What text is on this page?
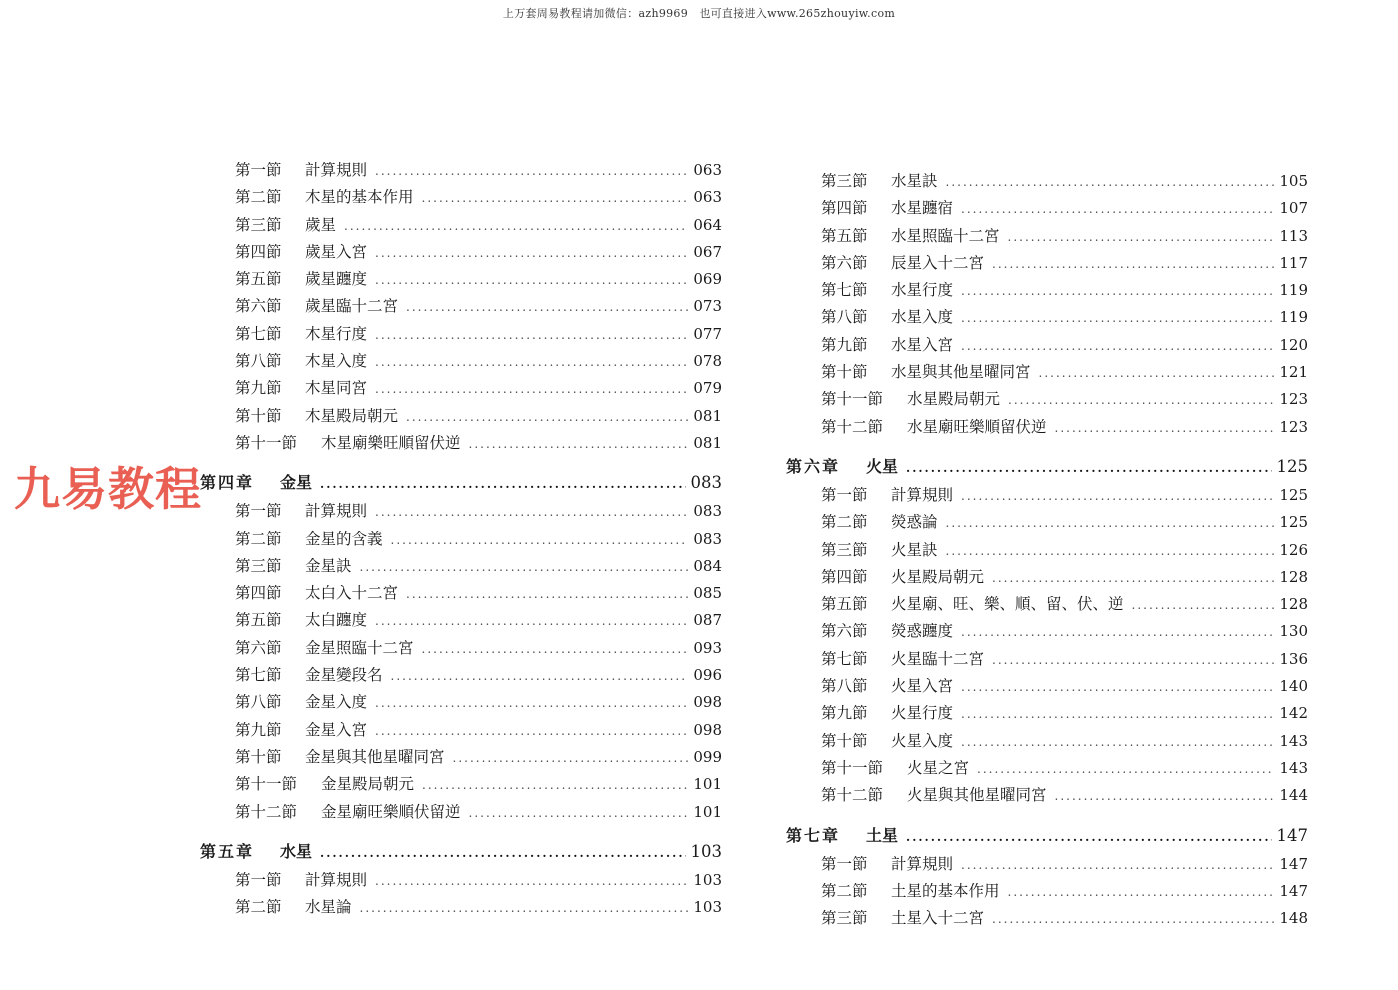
上万套周易教程请加微信：azh9969　也可直接进入www.265zhouyiw.com
第一節	計算規則 .....	063
第二節	木星的基本作用 .....	063
第三節	歲星 .....	064
第四節	歲星入宮 .....	067
第五節	歲星躔度 .....	069
第六節	歲星臨十二宮 .....	073
第七節	木星行度 .....	077
第八節	木星入度 .....	078
第九節	木星同宮 .....	079
第十節	木星殿局朝元 .....	081
第十一節	木星廟樂旺順留伏逆 .....	081
第四章	金星 .....	083
第一節	計算規則 .....	083
第二節	金星的含義 .....	083
第三節	金星訣 .....	084
第四節	太白入十二宮 .....	085
第五節	太白躔度 .....	087
第六節	金星照臨十二宮 .....	093
第七節	金星變段名 .....	096
第八節	金星入度 .....	098
第九節	金星入宮 .....	098
第十節	金星與其他星曜同宮 .....	099
第十一節	金星殿局朝元 .....	101
第十二節	金星廟旺樂順伏留逆 .....	101
第五章	水星 .....	103
第一節	計算規則 .....	103
第二節	水星論 .....	103
第三節	水星訣 .....	105
第四節	水星躔宿 .....	107
第五節	水星照臨十二宮 .....	113
第六節	辰星入十二宮 .....	117
第七節	水星行度 .....	119
第八節	水星入度 .....	119
第九節	水星入宮 .....	120
第十節	水星與其他星曜同宮 .....	121
第十一節	水星殿局朝元 .....	123
第十二節	水星廟旺樂順留伏逆 .....	123
第六章	火星 .....	125
第一節	計算規則 .....	125
第二節	熒惑論 .....	125
第三節	火星訣 .....	126
第四節	火星殿局朝元 .....	128
第五節	火星廟、旺、樂、順、留、伏、逆 .....	128
第六節	熒惑躔度 .....	130
第七節	火星臨十二宮 .....	136
第八節	火星入宮 .....	140
第九節	火星行度 .....	142
第十節	火星入度 .....	143
第十一節	火星之宮 .....	143
第十二節	火星與其他星曜同宮 .....	144
第七章	土星 .....	147
第一節	計算規則 .....	147
第二節	土星的基本作用 .....	147
第三節	土星入十二宮 .....	148
九易教程
